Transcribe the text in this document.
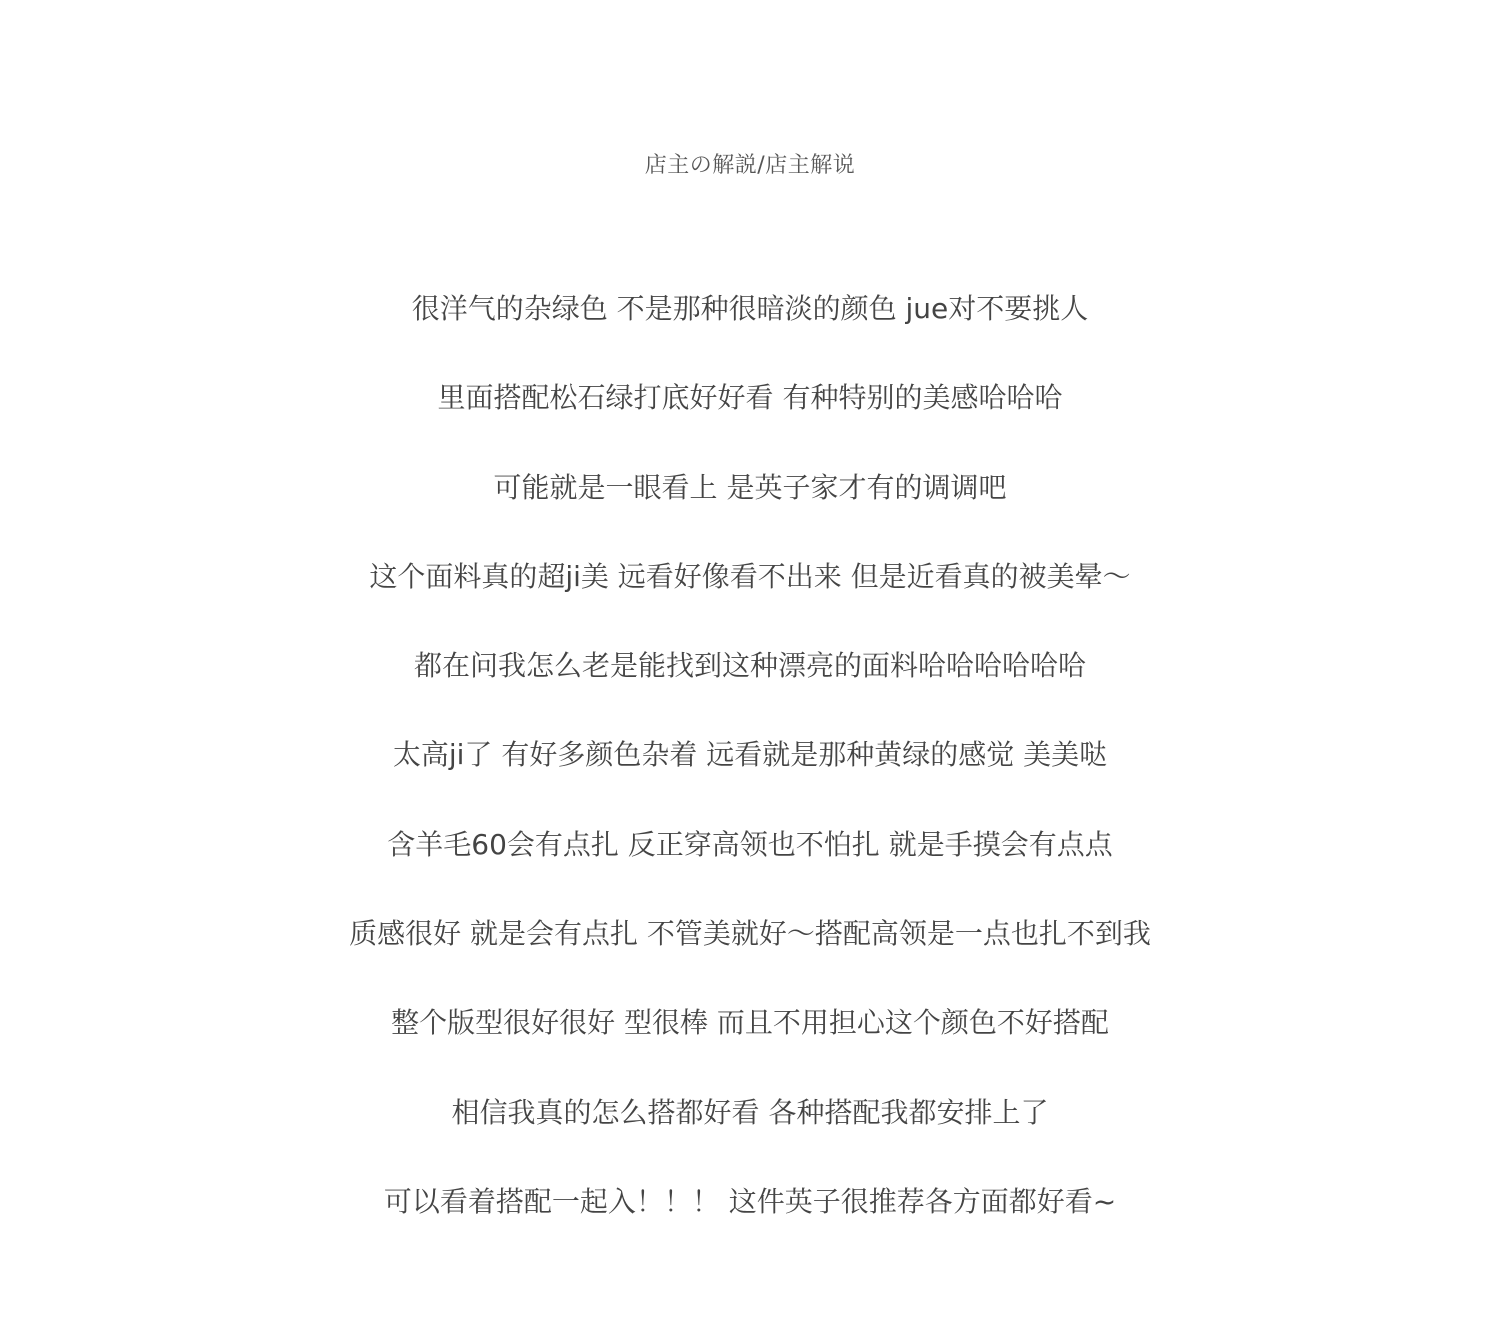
店主の解説/店主解说
很洋气的杂绿色 不是那种很暗淡的颜色 jue对不要挑人
里面搭配松石绿打底好好看 有种特别的美感哈哈哈
可能就是一眼看上 是英子家才有的调调吧
这个面料真的超ji美 远看好像看不出来 但是近看真的被美晕～
都在问我怎么老是能找到这种漂亮的面料哈哈哈哈哈哈
太高ji了 有好多颜色杂着 远看就是那种黄绿的感觉 美美哒
含羊毛60会有点扎 反正穿高领也不怕扎 就是手摸会有点点
质感很好 就是会有点扎 不管美就好～搭配高领是一点也扎不到我
整个版型很好很好 型很棒 而且不用担心这个颜色不好搭配
相信我真的怎么搭都好看 各种搭配我都安排上了
可以看着搭配一起入！！！ 这件英子很推荐各方面都好看~
